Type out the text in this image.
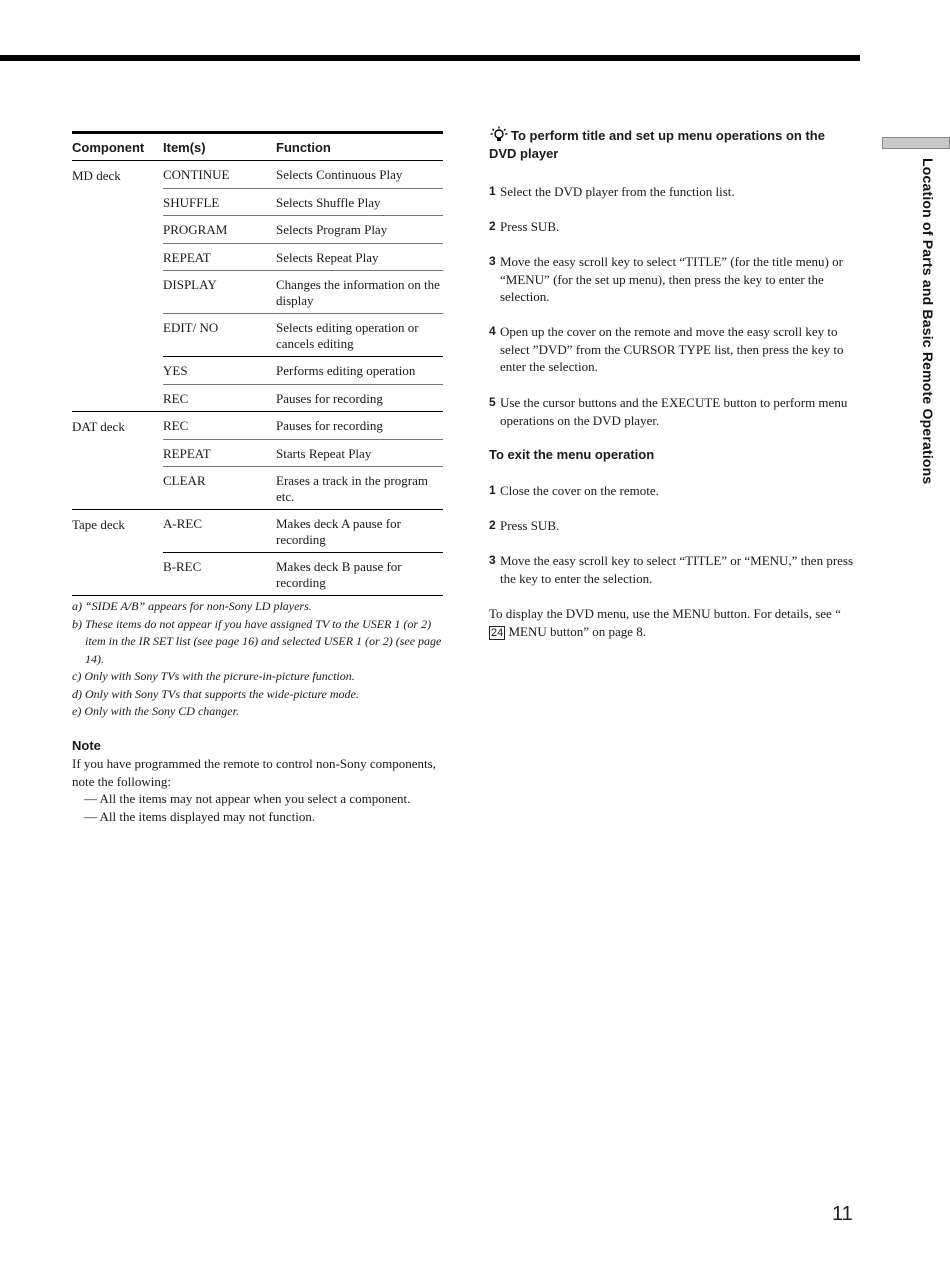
Location of Parts and Basic Remote Operations
Component	Item(s)	Function
MD deck	CONTINUE	Selects Continuous Play
SHUFFLE	Selects Shuffle Play
PROGRAM	Selects Program Play
REPEAT	Selects Repeat Play
DISPLAY	Changes the information on the display
EDIT/ NO	Selects editing operation or cancels editing
YES	Performs editing operation
REC	Pauses for recording
DAT deck	REC	Pauses for recording
REPEAT	Starts Repeat Play
CLEAR	Erases a track in the program etc.
Tape deck	A-REC	Makes deck A pause for recording
B-REC	Makes deck B pause for recording

a) “SIDE A/B” appears for non-Sony LD players.

b) These items do not appear if you have assigned TV to the USER 1 (or 2) item in the IR SET list (see page 16) and selected USER 1 (or 2) (see page 14).

c) Only with Sony TVs with the picrure-in-picture function.

d) Only with Sony TVs that supports the wide-picture mode.

e) Only with the Sony CD changer.

Note

If you have programmed the remote to control non-Sony components, note the following:

— All the items may not appear when you select a component.

— All the items displayed may not function.

To perform title and set up menu operations on the DVD player
1 Select the DVD player from the function list.
2 Press SUB.
3 Move the easy scroll key to select “TITLE” (for the title menu) or “MENU” (for the set up menu), then press the key to enter the selection.
4 Open up the cover on the remote and move the easy scroll key to select ”DVD” from the CURSOR TYPE list, then press the key to enter the selection.
5 Use the cursor buttons and the EXECUTE button to perform menu operations on the DVD player.
To exit the menu operation
1 Close the cover on the remote.
2 Press SUB.
3 Move the easy scroll key to select “TITLE” or “MENU,” then press the key to enter the selection.
To display the DVD menu, use the MENU button. For details, see “24 MENU button” on page 8.
11
